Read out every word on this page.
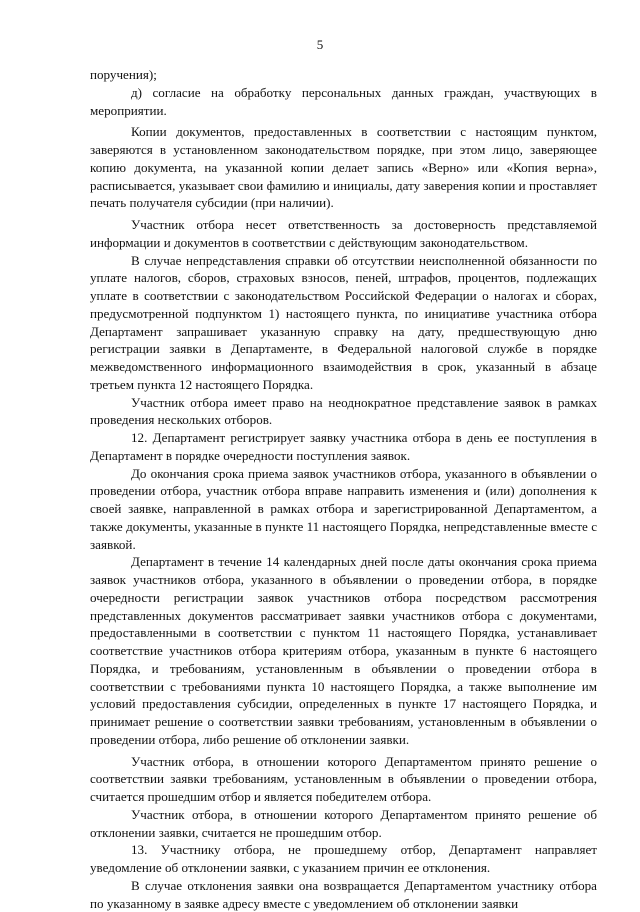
5

поручения);

д) согласие на обработку персональных данных граждан, участвующих в мероприятии.

Копии документов, предоставленных в соответствии с настоящим пунктом, заверяются в установленном законодательством порядке, при этом лицо, заверяющее копию документа, на указанной копии делает запись «Верно» или «Копия верна», расписывается, указывает свои фамилию и инициалы, дату заверения копии и проставляет печать получателя субсидии (при наличии).

Участник отбора несет ответственность за достоверность представляемой информации и документов в соответствии с действующим законодательством.

В случае непредставления справки об отсутствии неисполненной обязанности по уплате налогов, сборов, страховых взносов, пеней, штрафов, процентов, подлежащих уплате в соответствии с законодательством Российской Федерации о налогах и сборах, предусмотренной подпунктом 1) настоящего пункта, по инициативе участника отбора Департамент запрашивает указанную справку на дату, предшествующую дню регистрации заявки в Департаменте, в Федеральной налоговой службе в порядке межведомственного информационного взаимодействия в срок, указанный в абзаце третьем пункта 12 настоящего Порядка.

Участник отбора имеет право на неоднократное представление заявок в рамках проведения нескольких отборов.

12. Департамент регистрирует заявку участника отбора в день ее поступления в Департамент в порядке очередности поступления заявок.

До окончания срока приема заявок участников отбора, указанного в объявлении о проведении отбора, участник отбора вправе направить изменения и (или) дополнения к своей заявке, направленной в рамках отбора и зарегистрированной Департаментом, а также документы, указанные в пункте 11 настоящего Порядка, непредставленные вместе с заявкой.

Департамент в течение 14 календарных дней после даты окончания срока приема заявок участников отбора, указанного в объявлении о проведении отбора, в порядке очередности регистрации заявок участников отбора посредством рассмотрения представленных документов рассматривает заявки участников отбора с документами, предоставленными в соответствии с пунктом 11 настоящего Порядка, устанавливает соответствие участников отбора критериям отбора, указанным в пункте 6 настоящего Порядка, и требованиям, установленным в объявлении о проведении отбора в соответствии с требованиями пункта 10 настоящего Порядка, а также выполнение им условий предоставления субсидии, определенных в пункте 17 настоящего Порядка, и принимает решение о соответствии заявки требованиям, установленным в объявлении о проведении отбора, либо решение об отклонении заявки.

Участник отбора, в отношении которого Департаментом принято решение о соответствии заявки требованиям, установленным в объявлении о проведении отбора, считается прошедшим отбор и является победителем отбора.

Участник отбора, в отношении которого Департаментом принято решение об отклонении заявки, считается не прошедшим отбор.

13. Участнику отбора, не прошедшему отбор, Департамент направляет уведомление об отклонении заявки, с указанием причин ее отклонения.

В случае отклонения заявки она возвращается Департаментом участнику отбора по указанному в заявке адресу вместе с уведомлением об отклонении заявки
